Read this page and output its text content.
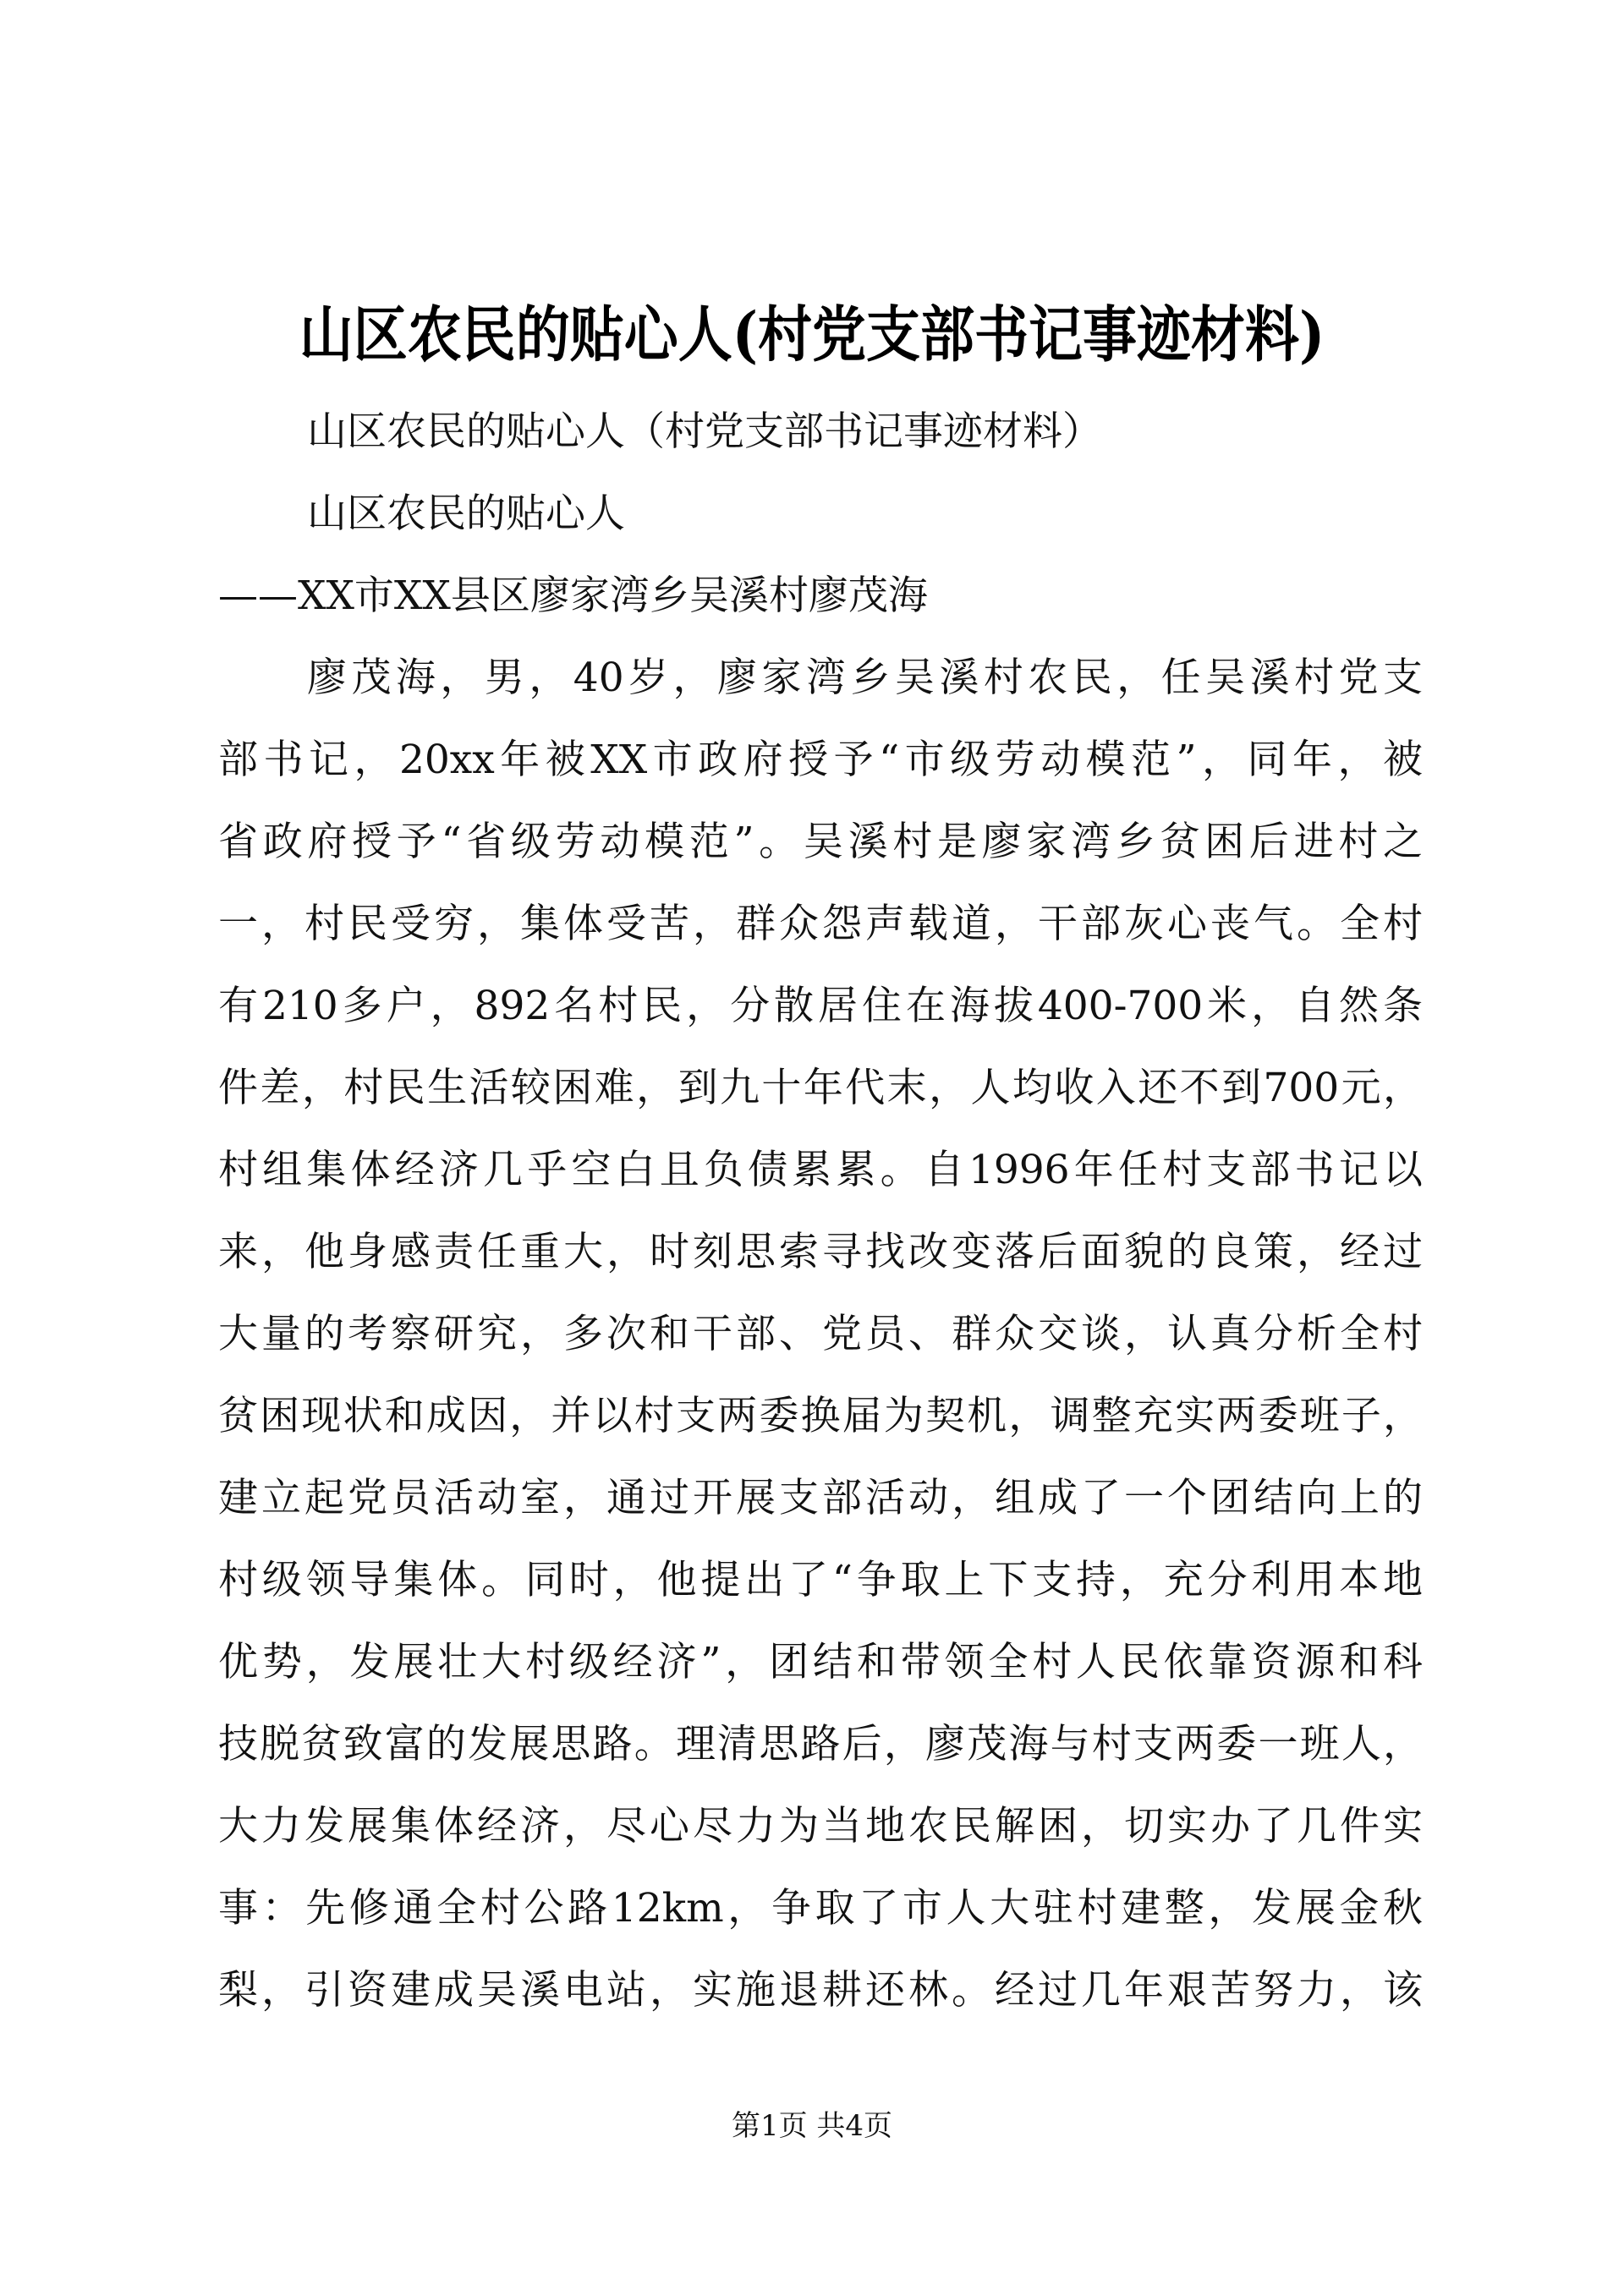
山区农民的贴心人(村党支部书记事迹材料)
山区农民的贴心人（村党支部书记事迹材料）
山区农民的贴心人
——XX市XX县区廖家湾乡吴溪村廖茂海
廖茂海，男，40岁，廖家湾乡吴溪村农民，任吴溪村党支
部书记，20xx年被XX市政府授予“市级劳动模范”，同年，被
省政府授予“省级劳动模范”。吴溪村是廖家湾乡贫困后进村之
一，村民受穷，集体受苦，群众怨声载道，干部灰心丧气。全村
有210多户，892名村民，分散居住在海拔400-700米，自然条
件差，村民生活较困难，到九十年代末，人均收入还不到700元，
村组集体经济几乎空白且负债累累。自1996年任村支部书记以
来，他身感责任重大，时刻思索寻找改变落后面貌的良策，经过
大量的考察研究，多次和干部、党员、群众交谈，认真分析全村
贫困现状和成因，并以村支两委换届为契机，调整充实两委班子，
建立起党员活动室，通过开展支部活动，组成了一个团结向上的
村级领导集体。同时，他提出了“争取上下支持，充分利用本地
优势，发展壮大村级经济”，团结和带领全村人民依靠资源和科
技脱贫致富的发展思路。理清思路后，廖茂海与村支两委一班人，
大力发展集体经济，尽心尽力为当地农民解困，切实办了几件实
事：先修通全村公路12km，争取了市人大驻村建整，发展金秋
梨，引资建成吴溪电站，实施退耕还林。经过几年艰苦努力，该
第1页 共4页
